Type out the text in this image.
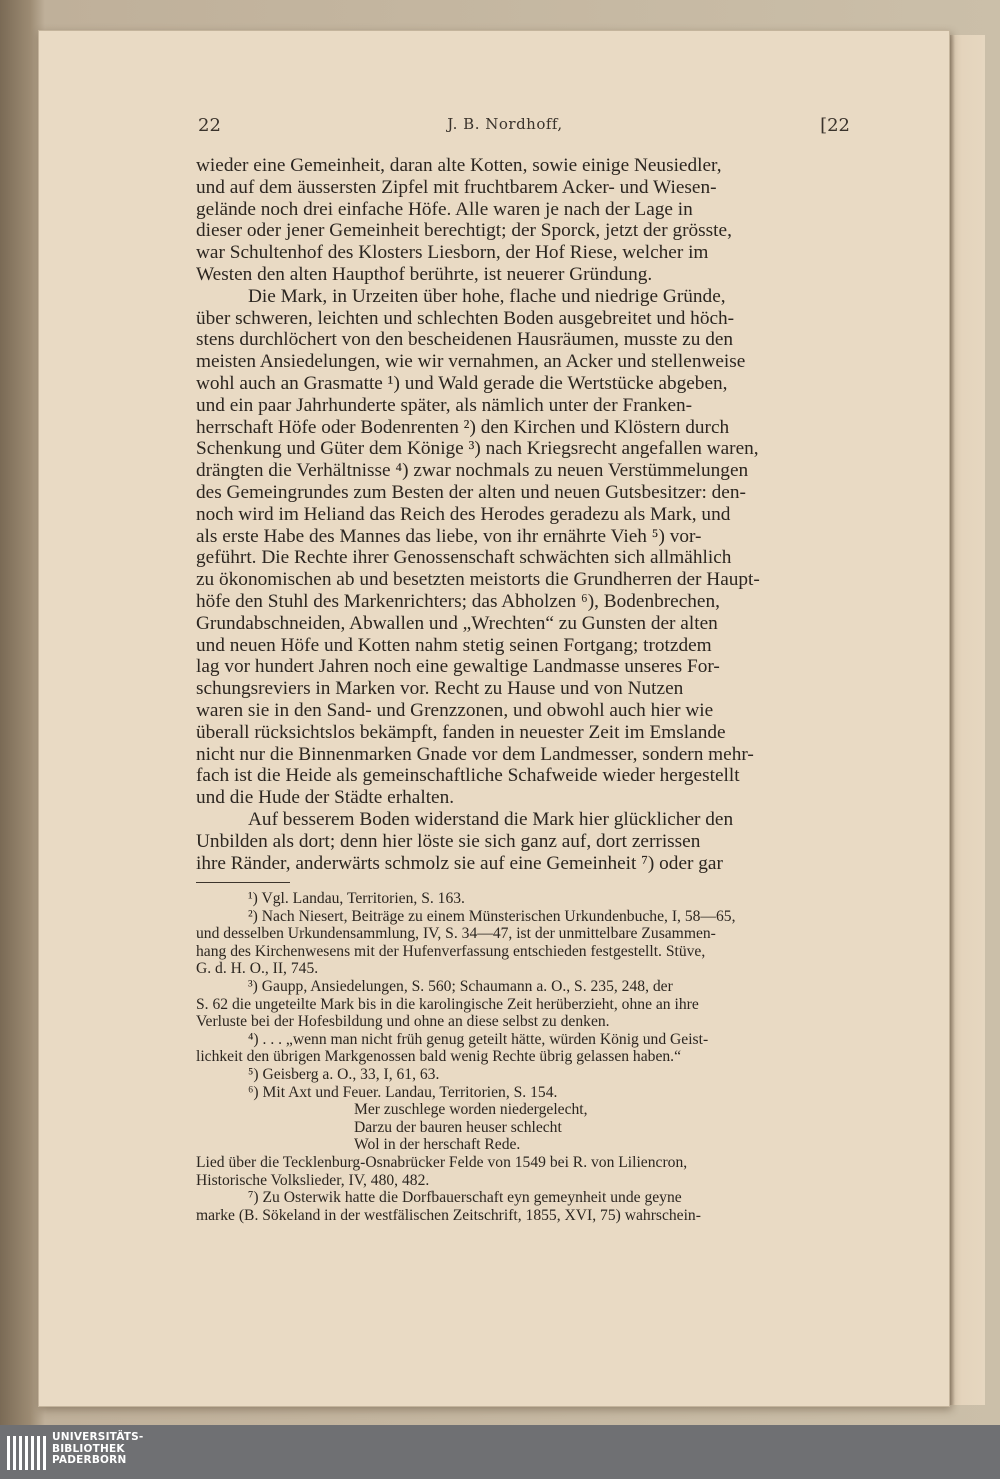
22	J. B. Nordhoff,	[22
wieder eine Gemeinheit, daran alte Kotten, sowie einige Neusiedler,
und auf dem äussersten Zipfel mit fruchtbarem Acker- und Wiesen-
gelände noch drei einfache Höfe. Alle waren je nach der Lage in
dieser oder jener Gemeinheit berechtigt; der Sporck, jetzt der grösste,
war Schultenhof des Klosters Liesborn, der Hof Riese, welcher im
Westen den alten Haupthof berührte, ist neuerer Gründung.
Die Mark, in Urzeiten über hohe, flache und niedrige Gründe,
über schweren, leichten und schlechten Boden ausgebreitet und höch-
stens durchlöchert von den bescheidenen Hausräumen, musste zu den
meisten Ansiedelungen, wie wir vernahmen, an Acker und stellenweise
wohl auch an Grasmatte ¹) und Wald gerade die Wertstücke abgeben,
und ein paar Jahrhunderte später, als nämlich unter der Franken-
herrschaft Höfe oder Bodenrenten ²) den Kirchen und Klöstern durch
Schenkung und Güter dem Könige ³) nach Kriegsrecht angefallen waren,
drängten die Verhältnisse ⁴) zwar nochmals zu neuen Verstümmelungen
des Gemeingrundes zum Besten der alten und neuen Gutsbesitzer: den-
noch wird im Heliand das Reich des Herodes geradezu als Mark, und
als erste Habe des Mannes das liebe, von ihr ernährte Vieh ⁵) vor-
geführt. Die Rechte ihrer Genossenschaft schwächten sich allmählich
zu ökonomischen ab und besetzten meistorts die Grundherren der Haupt-
höfe den Stuhl des Markenrichters; das Abholzen ⁶), Bodenbrechen,
Grundabschneiden, Abwallen und „Wrechten“ zu Gunsten der alten
und neuen Höfe und Kotten nahm stetig seinen Fortgang; trotzdem
lag vor hundert Jahren noch eine gewaltige Landmasse unseres For-
schungsreviers in Marken vor. Recht zu Hause und von Nutzen
waren sie in den Sand- und Grenzzonen, und obwohl auch hier wie
überall rücksichtslos bekämpft, fanden in neuester Zeit im Emslande
nicht nur die Binnenmarken Gnade vor dem Landmesser, sondern mehr-
fach ist die Heide als gemeinschaftliche Schafweide wieder hergestellt
und die Hude der Städte erhalten.
Auf besserem Boden widerstand die Mark hier glücklicher den
Unbilden als dort; denn hier löste sie sich ganz auf, dort zerrissen
ihre Ränder, anderwärts schmolz sie auf eine Gemeinheit ⁷) oder gar
¹) Vgl. Landau, Territorien, S. 163.
²) Nach Niesert, Beiträge zu einem Münsterischen Urkundenbuche, I, 58—65,
und desselben Urkundensammlung, IV, S. 34—47, ist der unmittelbare Zusammen-
hang des Kirchenwesens mit der Hufenverfassung entschieden festgestellt. Stüve,
G. d. H. O., II, 745.
³) Gaupp, Ansiedelungen, S. 560; Schaumann a. O., S. 235, 248, der
S. 62 die ungeteilte Mark bis in die karolingische Zeit herüberzieht, ohne an ihre
Verluste bei der Hofesbildung und ohne an diese selbst zu denken.
⁴) . . . „wenn man nicht früh genug geteilt hätte, würden König und Geist-
lichkeit den übrigen Markgenossen bald wenig Rechte übrig gelassen haben.“
⁵) Geisberg a. O., 33, I, 61, 63.
⁶) Mit Axt und Feuer. Landau, Territorien, S. 154.
Mer zuschlege worden niedergelecht,
Darzu der bauren heuser schlecht
Wol in der herschaft Rede.
Lied über die Tecklenburg-Osnabrücker Felde von 1549 bei R. von Liliencron,
Historische Volkslieder, IV, 480, 482.
⁷) Zu Osterwik hatte die Dorfbauerschaft eyn gemeynheit unde geyne
marke (B. Sökeland in der westfälischen Zeitschrift, 1855, XVI, 75) wahrschein-
UNIVERSITÄTS-
BIBLIOTHEK
PADERBORN
